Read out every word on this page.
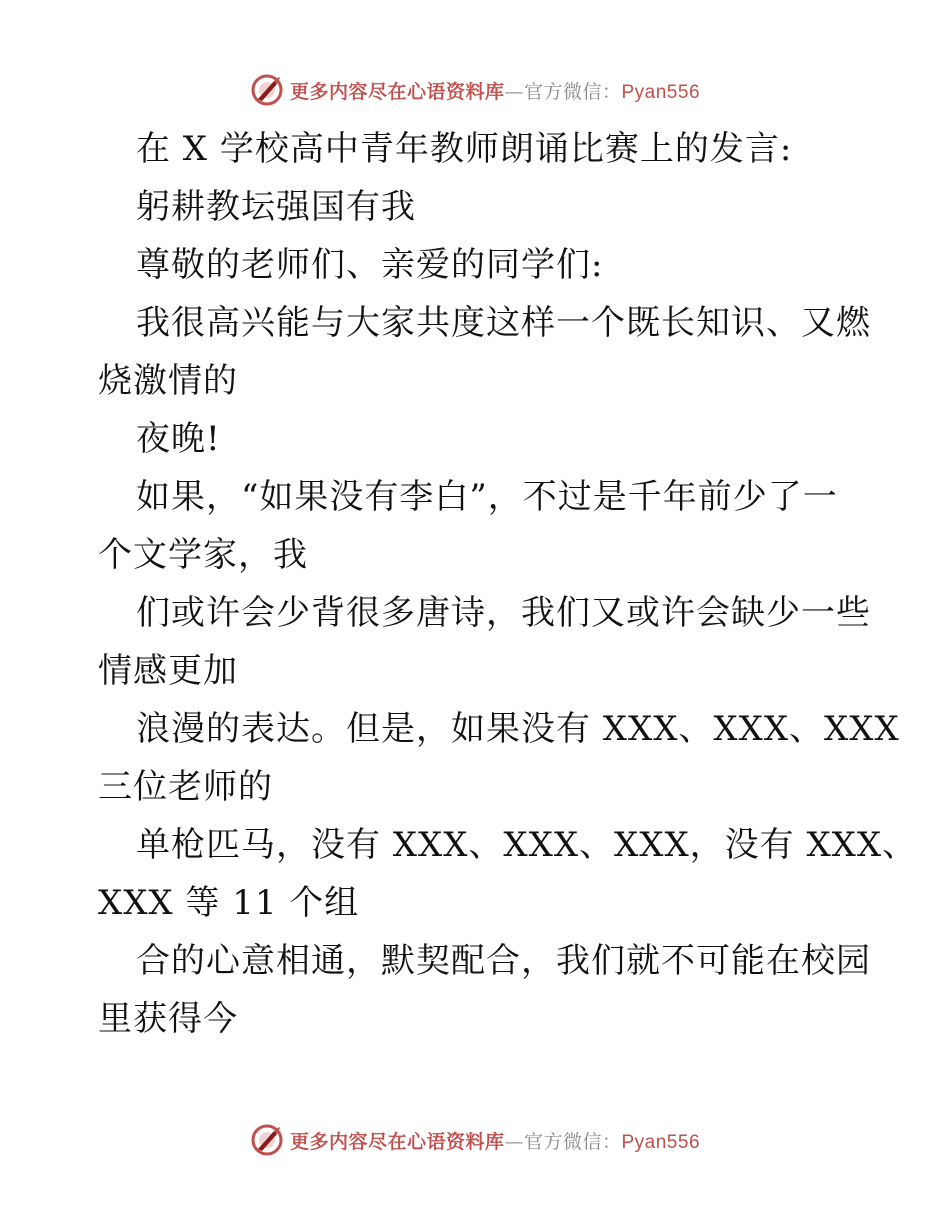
更多内容尽在心语资料库—官方微信：Pyan556
在 X 学校高中青年教师朗诵比赛上的发言:
躬耕教坛强国有我
尊敬的老师们、亲爱的同学们:
我很高兴能与大家共度这样一个既长知识、又燃
烧激情的
夜晚!
如果，“如果没有李白”，不过是千年前少了一
个文学家，我
们或许会少背很多唐诗，我们又或许会缺少一些
情感更加
浪漫的表达。但是，如果没有 XXX、XXX、XXX
三位老师的
单枪匹马，没有 XXX、XXX、XXX，没有 XXX、
XXX 等 11 个组
合的心意相通，默契配合，我们就不可能在校园
里获得今
更多内容尽在心语资料库—官方微信：Pyan556
